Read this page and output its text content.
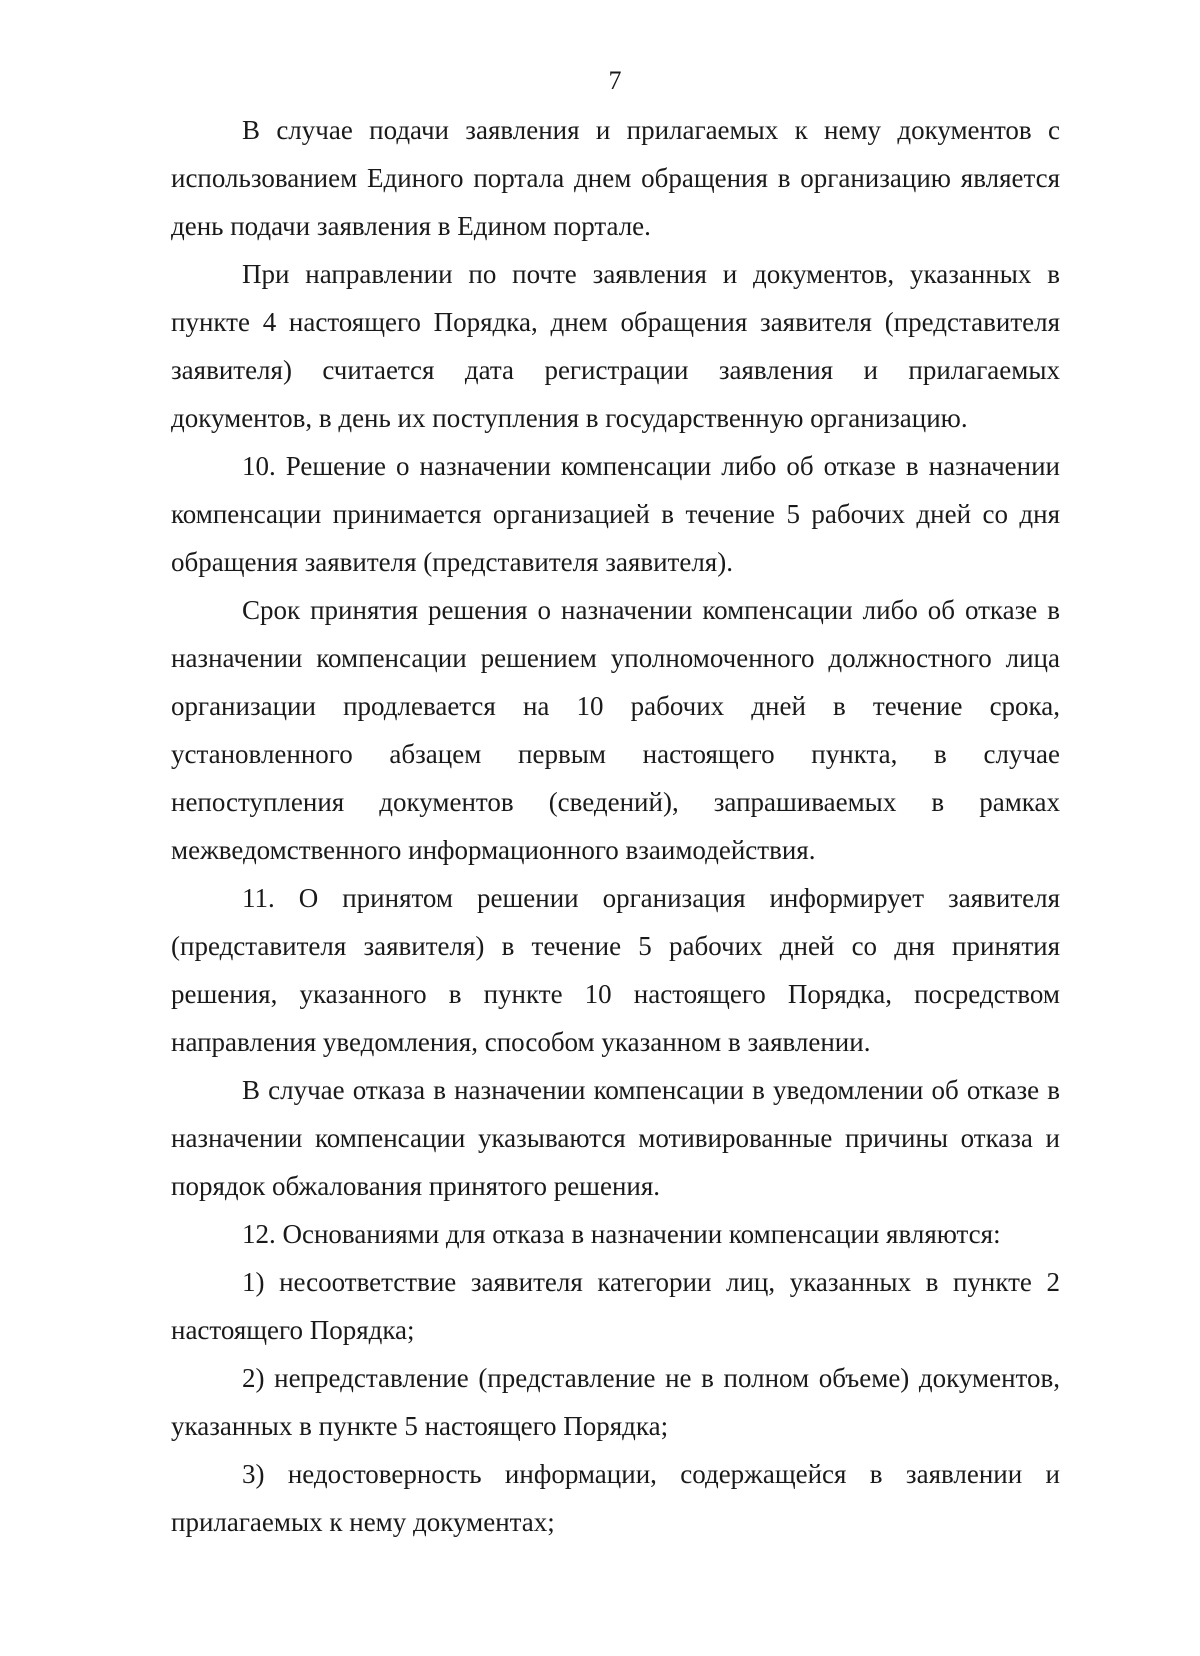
7

В случае подачи заявления и прилагаемых к нему документов с использованием Единого портала днем обращения в организацию является день подачи заявления в Едином портале.

При направлении по почте заявления и документов, указанных в пункте 4 настоящего Порядка, днем обращения заявителя (представителя заявителя) считается дата регистрации заявления и прилагаемых документов, в день их поступления в государственную организацию.

10. Решение о назначении компенсации либо об отказе в назначении компенсации принимается организацией в течение 5 рабочих дней со дня обращения заявителя (представителя заявителя).

Срок принятия решения о назначении компенсации либо об отказе в назначении компенсации решением уполномоченного должностного лица организации продлевается на 10 рабочих дней в течение срока, установленного абзацем первым настоящего пункта, в случае непоступления документов (сведений), запрашиваемых в рамках межведомственного информационного взаимодействия.

11. О принятом решении организация информирует заявителя (представителя заявителя) в течение 5 рабочих дней со дня принятия решения, указанного в пункте 10 настоящего Порядка, посредством направления уведомления, способом указанном в заявлении.

В случае отказа в назначении компенсации в уведомлении об отказе в назначении компенсации указываются мотивированные причины отказа и порядок обжалования принятого решения.

12. Основаниями для отказа в назначении компенсации являются:

1) несоответствие заявителя категории лиц, указанных в пункте 2 настоящего Порядка;

2) непредставление (представление не в полном объеме) документов, указанных в пункте 5 настоящего Порядка;

3) недостоверность информации, содержащейся в заявлении и прилагаемых к нему документах;
